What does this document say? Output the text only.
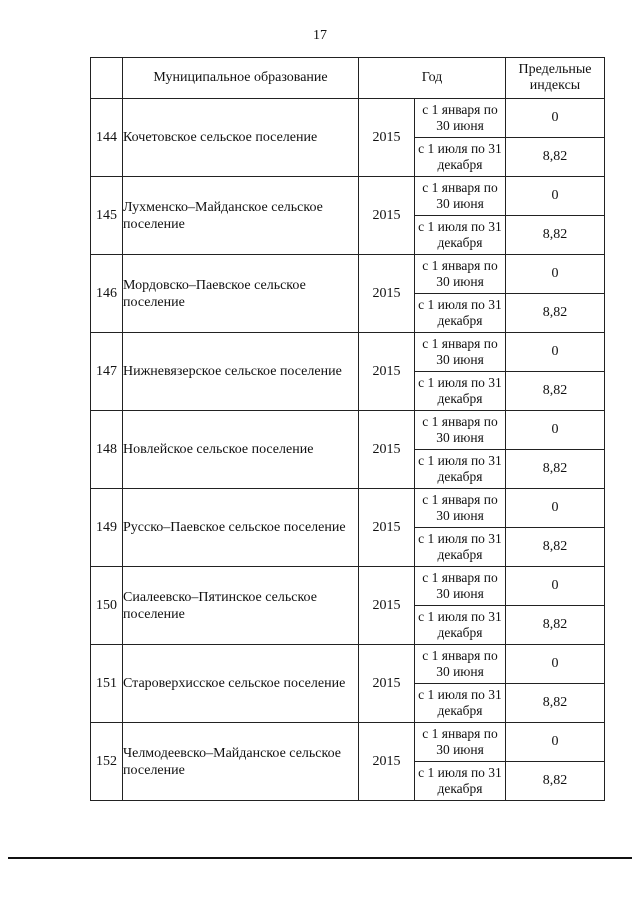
17
	Муниципальное образование	Год		Предельные индексы
144	Кочетовское сельское поселение	2015	с 1 января по 30 июня	0
			с 1 июля по 31 декабря	8,82
145	Лухменско–Майданское сельское поселение	2015	с 1 января по 30 июня	0
			с 1 июля по 31 декабря	8,82
146	Мордовско–Паевское сельское поселение	2015	с 1 января по 30 июня	0
			с 1 июля по 31 декабря	8,82
147	Нижневязерское сельское поселение	2015	с 1 января по 30 июня	0
			с 1 июля по 31 декабря	8,82
148	Новлейское сельское поселение	2015	с 1 января по 30 июня	0
			с 1 июля по 31 декабря	8,82
149	Русско–Паевское сельское поселение	2015	с 1 января по 30 июня	0
			с 1 июля по 31 декабря	8,82
150	Сиалеевско–Пятинское сельское поселение	2015	с 1 января по 30 июня	0
			с 1 июля по 31 декабря	8,82
151	Староверхисское сельское поселение	2015	с 1 января по 30 июня	0
			с 1 июля по 31 декабря	8,82
152	Челмодеевско–Майданское сельское поселение	2015	с 1 января по 30 июня	0
			с 1 июля по 31 декабря	8,82
